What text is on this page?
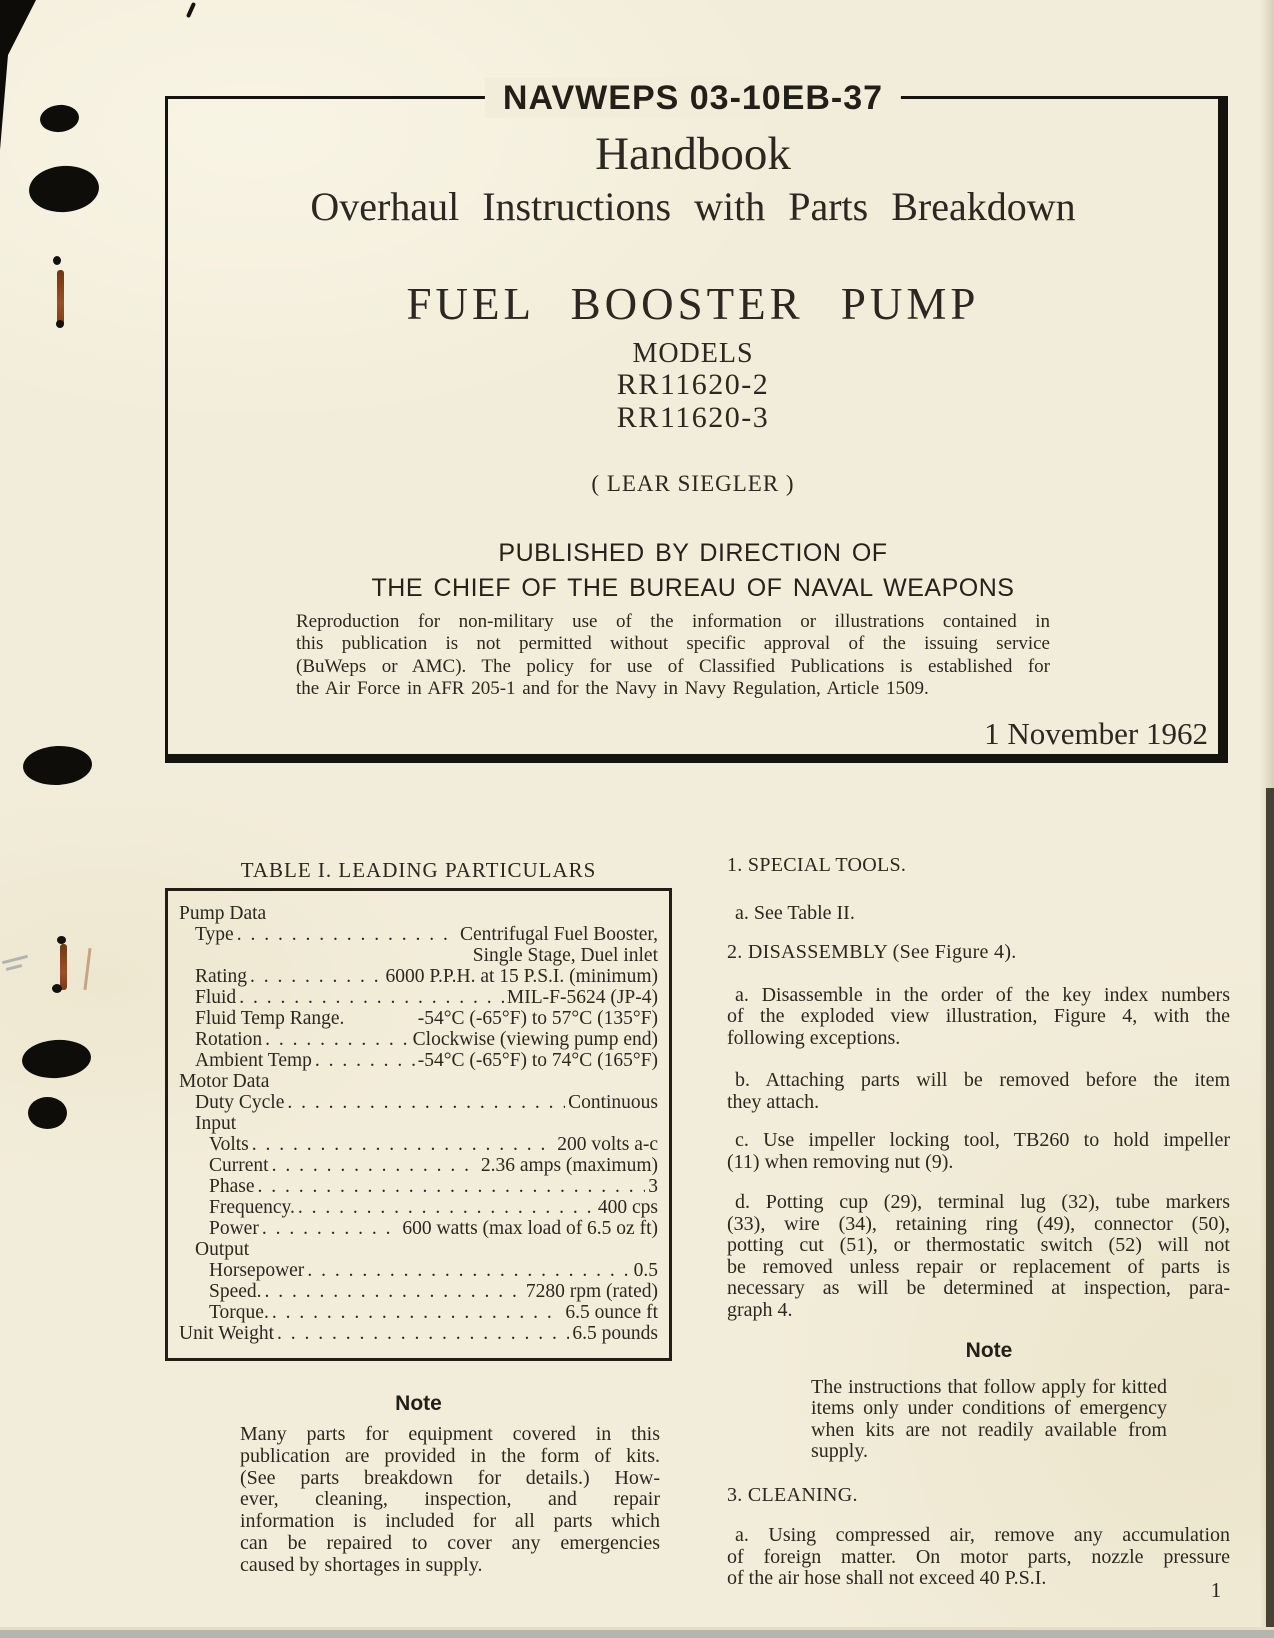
NAVWEPS 03-10EB-37
Handbook
Overhaul Instructions with Parts Breakdown
FUEL BOOSTER PUMP
MODELS
RR11620-2
RR11620-3
( LEAR SIEGLER )
PUBLISHED BY DIRECTION OF
THE CHIEF OF THE BUREAU OF NAVAL WEAPONS
Reproduction for non-military use of the information or illustrations contained in
this publication is not permitted without specific approval of the issuing service
(BuWeps or AMC). The policy for use of Classified Publications is established for
the Air Force in AFR 205-1 and for the Navy in Navy Regulation, Article 1509.
1 November 1962
TABLE I. LEADING PARTICULARS
Pump Data
Type . . .	Centrifugal Fuel Booster,
Single Stage, Duel inlet
Rating . . .	6000 P.P.H. at 15 P.S.I. (minimum)
Fluid . . .	MIL-F-5624 (JP-4)
Fluid Temp Range.	-54°C (-65°F) to 57°C (135°F)
Rotation . . .	Clockwise (viewing pump end)
Ambient Temp . . .	-54°C (-65°F) to 74°C (165°F)
Motor Data
Duty Cycle . . .	Continuous
Input
Volts . . .	200 volts a-c
Current . . .	2.36 amps (maximum)
Phase . . .	3
Frequency. . . .	400 cps
Power . . .	600 watts (max load of 6.5 oz ft)
Output
Horsepower . . .	0.5
Speed. . . .	7280 rpm (rated)
Torque. . . .	6.5 ounce ft
Unit Weight . . .	6.5 pounds
Note
Many parts for equipment covered in this
publication are provided in the form of kits.
(See parts breakdown for details.) How-
ever, cleaning, inspection, and repair
information is included for all parts which
can be repaired to cover any emergencies
caused by shortages in supply.
1. SPECIAL TOOLS.
a. See Table II.
2. DISASSEMBLY (See Figure 4).
a. Disassemble in the order of the key index numbers
of the exploded view illustration, Figure 4, with the
following exceptions.
b. Attaching parts will be removed before the item
they attach.
c. Use impeller locking tool, TB260 to hold impeller
(11) when removing nut (9).
d. Potting cup (29), terminal lug (32), tube markers
(33), wire (34), retaining ring (49), connector (50),
potting cut (51), or thermostatic switch (52) will not
be removed unless repair or replacement of parts is
necessary as will be determined at inspection, para-
graph 4.
Note
The instructions that follow apply for kitted
items only under conditions of emergency
when kits are not readily available from
supply.
3. CLEANING.
a. Using compressed air, remove any accumulation
of foreign matter. On motor parts, nozzle pressure
of the air hose shall not exceed 40 P.S.I.	1
